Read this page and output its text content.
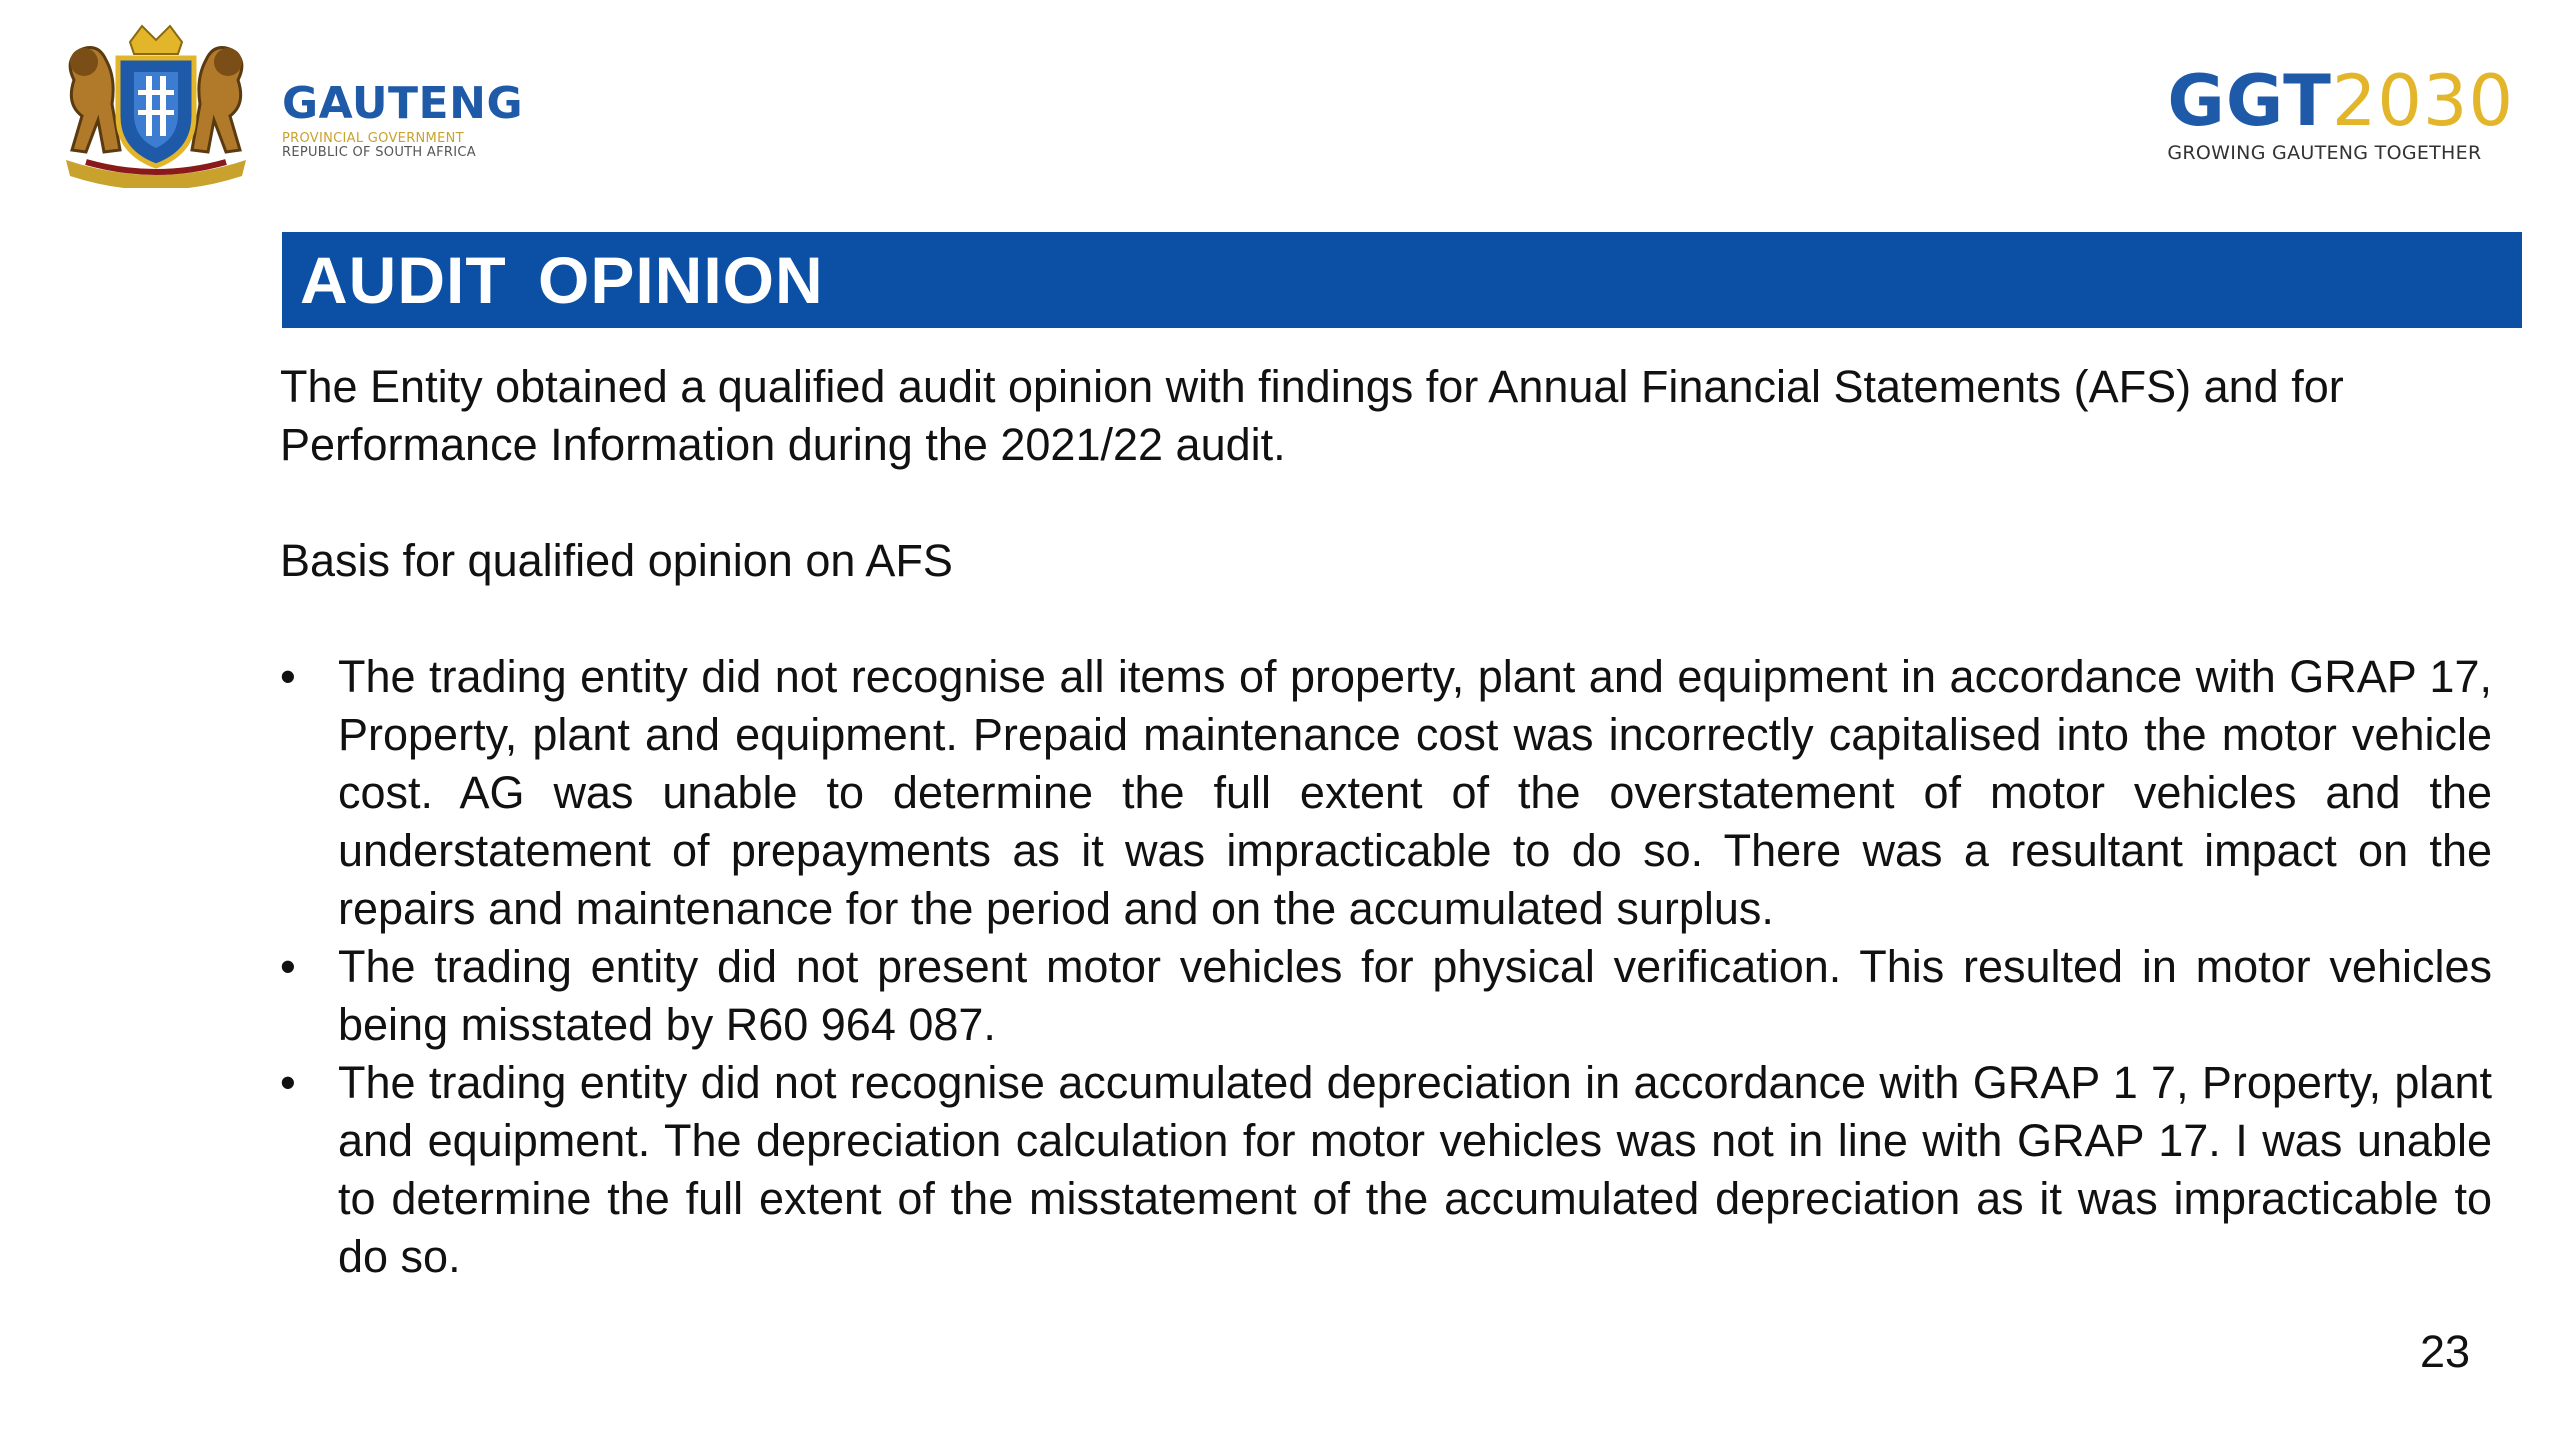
GAUTENG
PROVINCIAL GOVERNMENT
REPUBLIC OF SOUTH AFRICA
GGT2030
GROWING GAUTENG TOGETHER
AUDIT OPINION

The Entity obtained a qualified audit opinion with findings for Annual Financial Statements (AFS) and for Performance Information during the 2021/22 audit.

Basis for qualified opinion on AFS

• The trading entity did not recognise all items of property, plant and equipment in accordance with GRAP 17, Property, plant and equipment. Prepaid maintenance cost was incorrectly capitalised into the motor vehicle cost. AG was unable to determine the full extent of the overstatement of motor vehicles and the understatement of prepayments as it was impracticable to do so. There was a resultant impact on the repairs and maintenance for the period and on the accumulated surplus.
• The trading entity did not present motor vehicles for physical verification. This resulted in motor vehicles being misstated by R60 964 087.
• The trading entity did not recognise accumulated depreciation in accordance with GRAP 1 7, Property, plant and equipment. The depreciation calculation for motor vehicles was not in line with GRAP 17. I was unable to determine the full extent of the misstatement of the accumulated depreciation as it was impracticable to do so.
23
